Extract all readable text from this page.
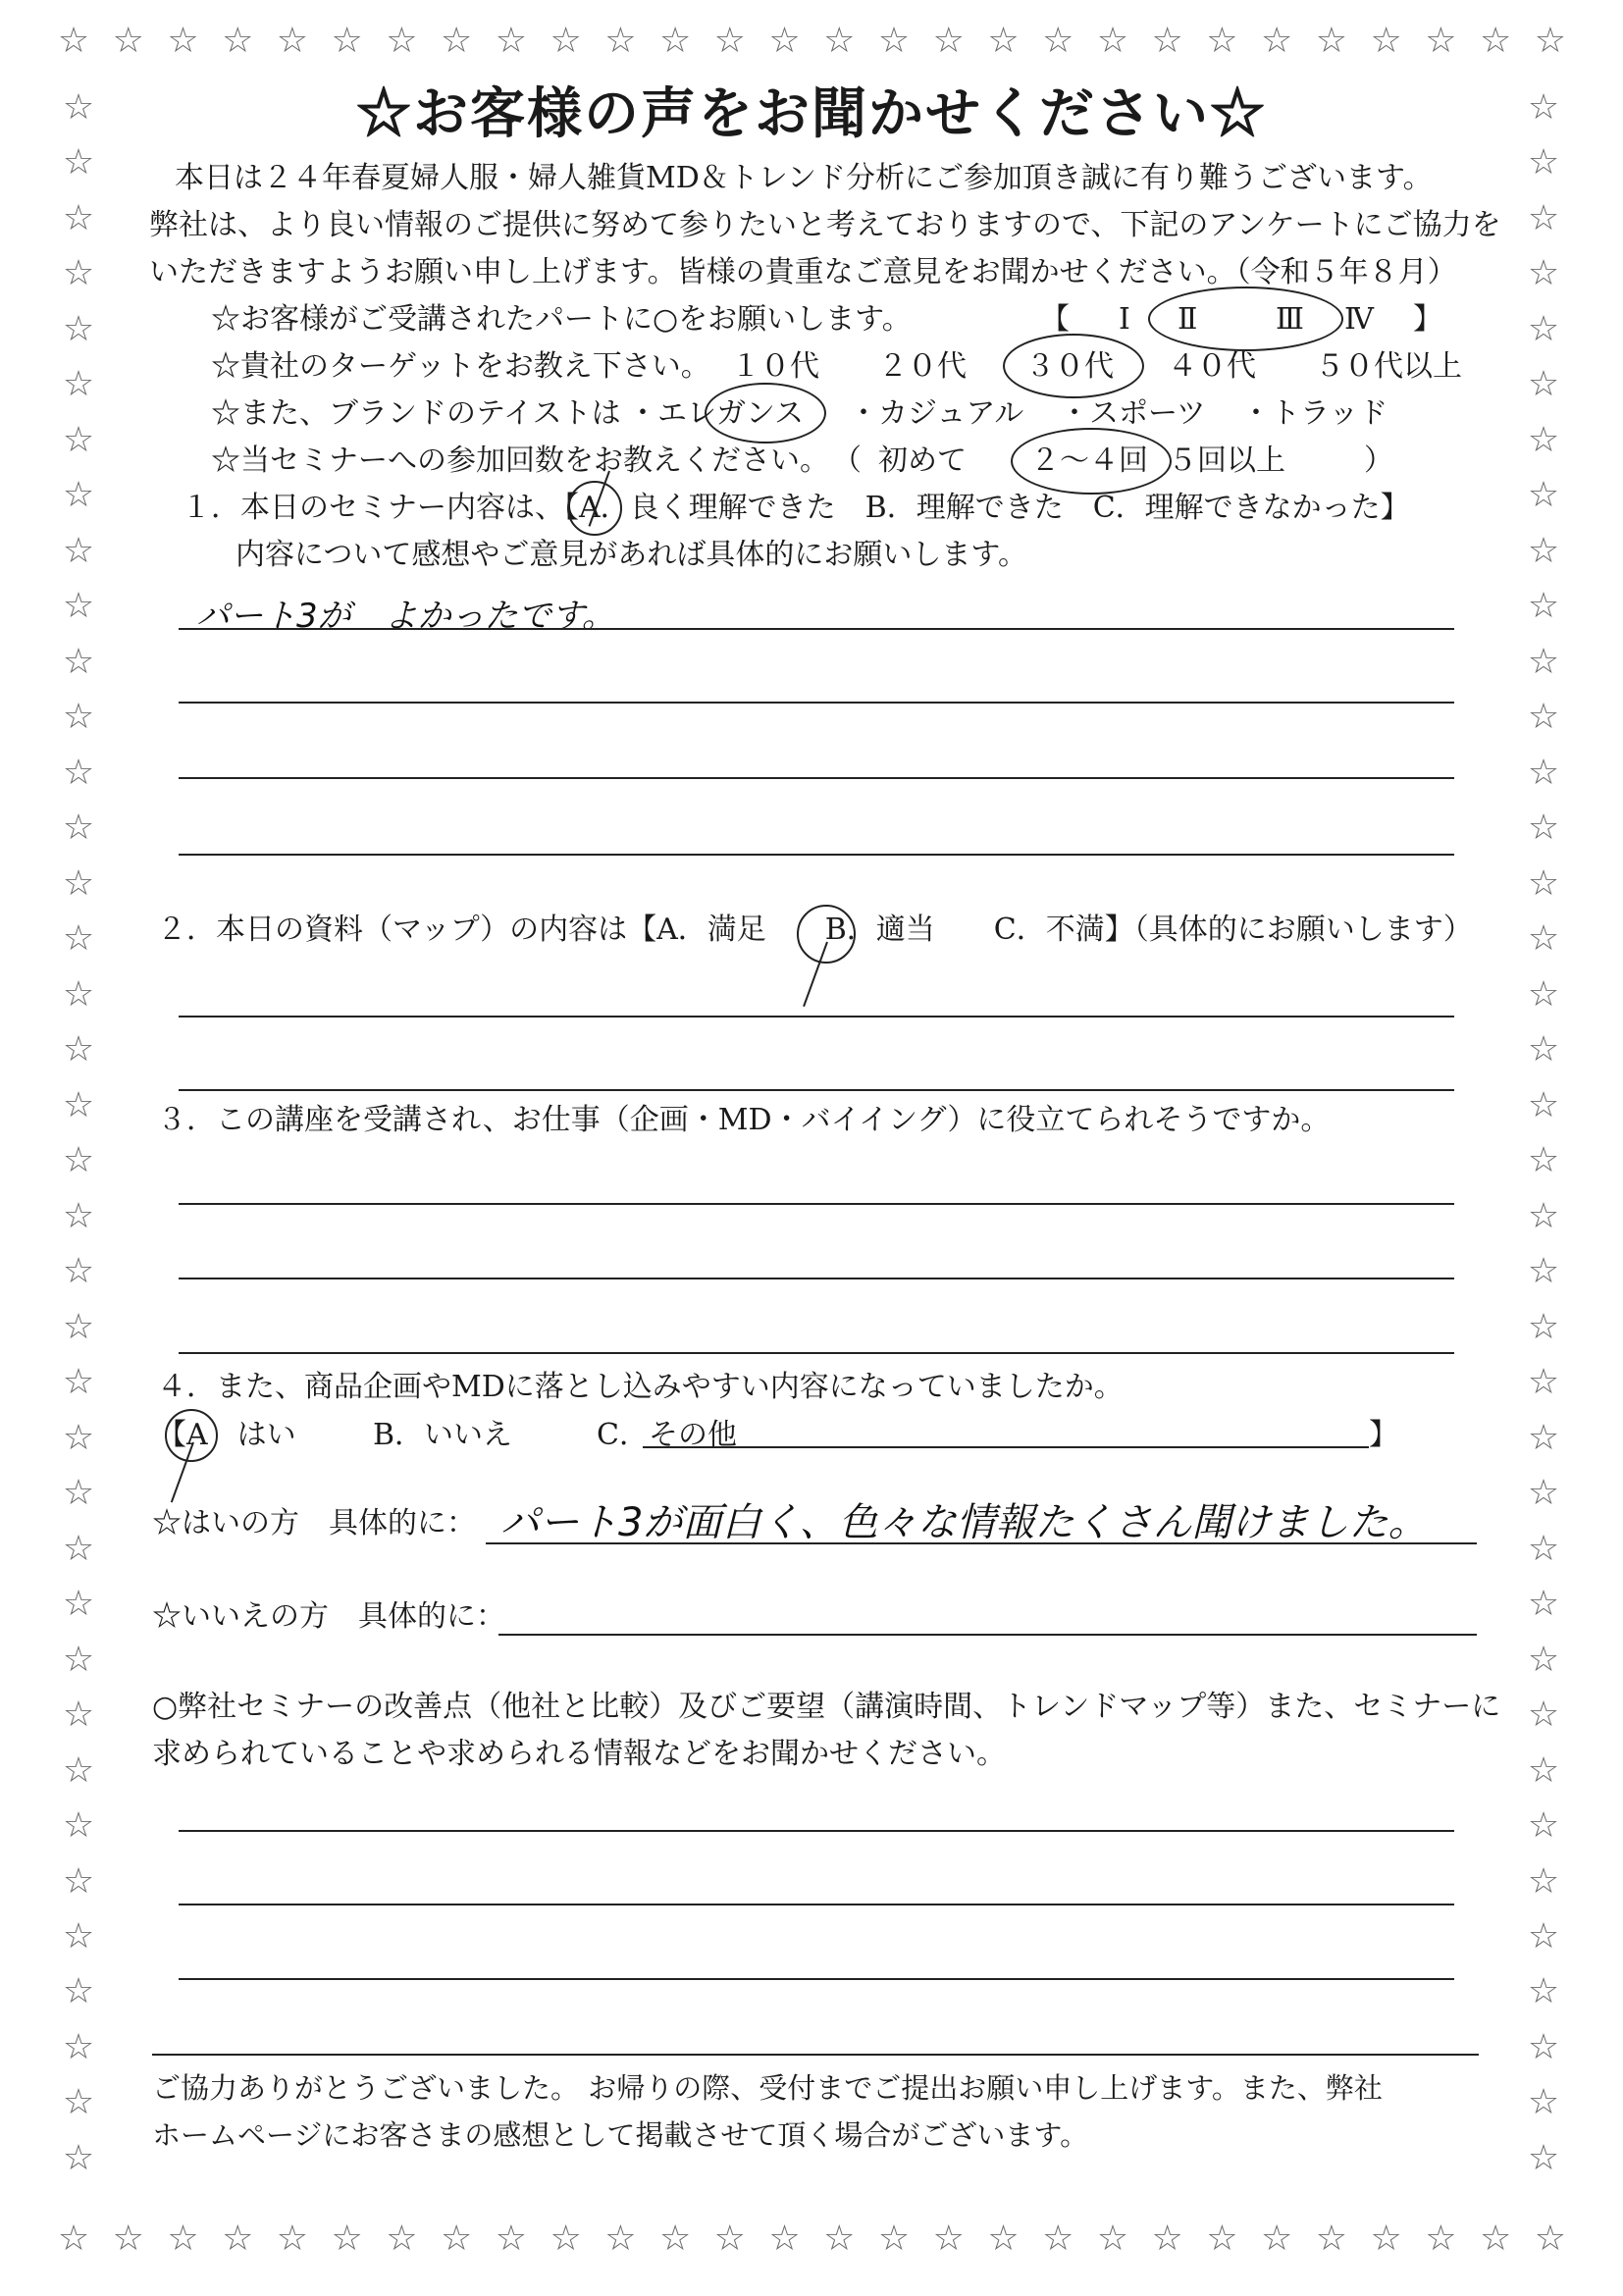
☆ ☆ ☆ ☆ ☆ ☆ ☆ ☆ ☆ ☆ ☆ ☆ ☆ ☆ ☆ ☆ ☆ ☆ ☆ ☆ ☆ ☆ ☆ ☆ ☆ ☆ ☆ ☆
☆ ☆ ☆ ☆ ☆ ☆ ☆ ☆ ☆ ☆ ☆ ☆ ☆ ☆ ☆ ☆ ☆ ☆ ☆ ☆ ☆ ☆ ☆ ☆ ☆ ☆ ☆ ☆
☆
☆
☆
☆
☆
☆
☆
☆
☆
☆
☆
☆
☆
☆
☆
☆
☆
☆
☆
☆
☆
☆
☆
☆
☆
☆
☆
☆
☆
☆
☆
☆
☆
☆
☆
☆
☆
☆
☆
☆
☆
☆
☆
☆
☆
☆
☆
☆
☆
☆
☆
☆
☆
☆
☆
☆
☆
☆
☆
☆
☆
☆
☆
☆
☆
☆
☆
☆
☆
☆
☆
☆
☆
☆
☆
☆
☆お客様の声をお聞かせください☆
本日は２４年春夏婦人服・婦人雑貨MD＆トレンド分析にご参加頂き誠に有り難うございます。
弊社は、より良い情報のご提供に努めて参りたいと考えておりますので、下記のアンケートにご協力を
いただきますようお願い申し上げます。皆様の貴重なご意見をお聞かせください。（令和５年８月）
☆お客様がご受講されたパートに○をお願いします。	【 Ⅰ Ⅱ	Ⅲ Ⅳ 】
☆貴社のターゲットをお教え下さい。 １０代 ２０代 ３０代 ４０代 ５０代以上
☆また、ブランドのテイストは ・エレガンス ・カジュアル ・スポーツ ・トラッド
☆当セミナーへの参加回数をお教えください。 （ 初めて ２～４回 ５回以上	）
１．本日のセミナー内容は、【A．良く理解できた　B．理解できた　C．理解できなかった】
内容について感想やご意見があれば具体的にお願いします。
パート3が　よかったです。
２．本日の資料（マップ）の内容は【A．満足　　B．適当　　C．不満】（具体的にお願いします）
３．この講座を受講され、お仕事（企画・MD・バイイング）に役立てられそうですか。
４．また、商品企画やMDに落とし込みやすい内容になっていましたか。
【A　はい	B．いいえ	C．その他	】
☆はいの方　具体的に： パート3が面白く、色々な情報たくさん聞けました。
☆いいえの方　具体的に：
○弊社セミナーの改善点（他社と比較）及びご要望（講演時間、トレンドマップ等）また、セミナーに
求められていることや求められる情報などをお聞かせください。
ご協力ありがとうございました。 お帰りの際、受付までご提出お願い申し上げます。また、弊社
ホームページにお客さまの感想として掲載させて頂く場合がございます。
